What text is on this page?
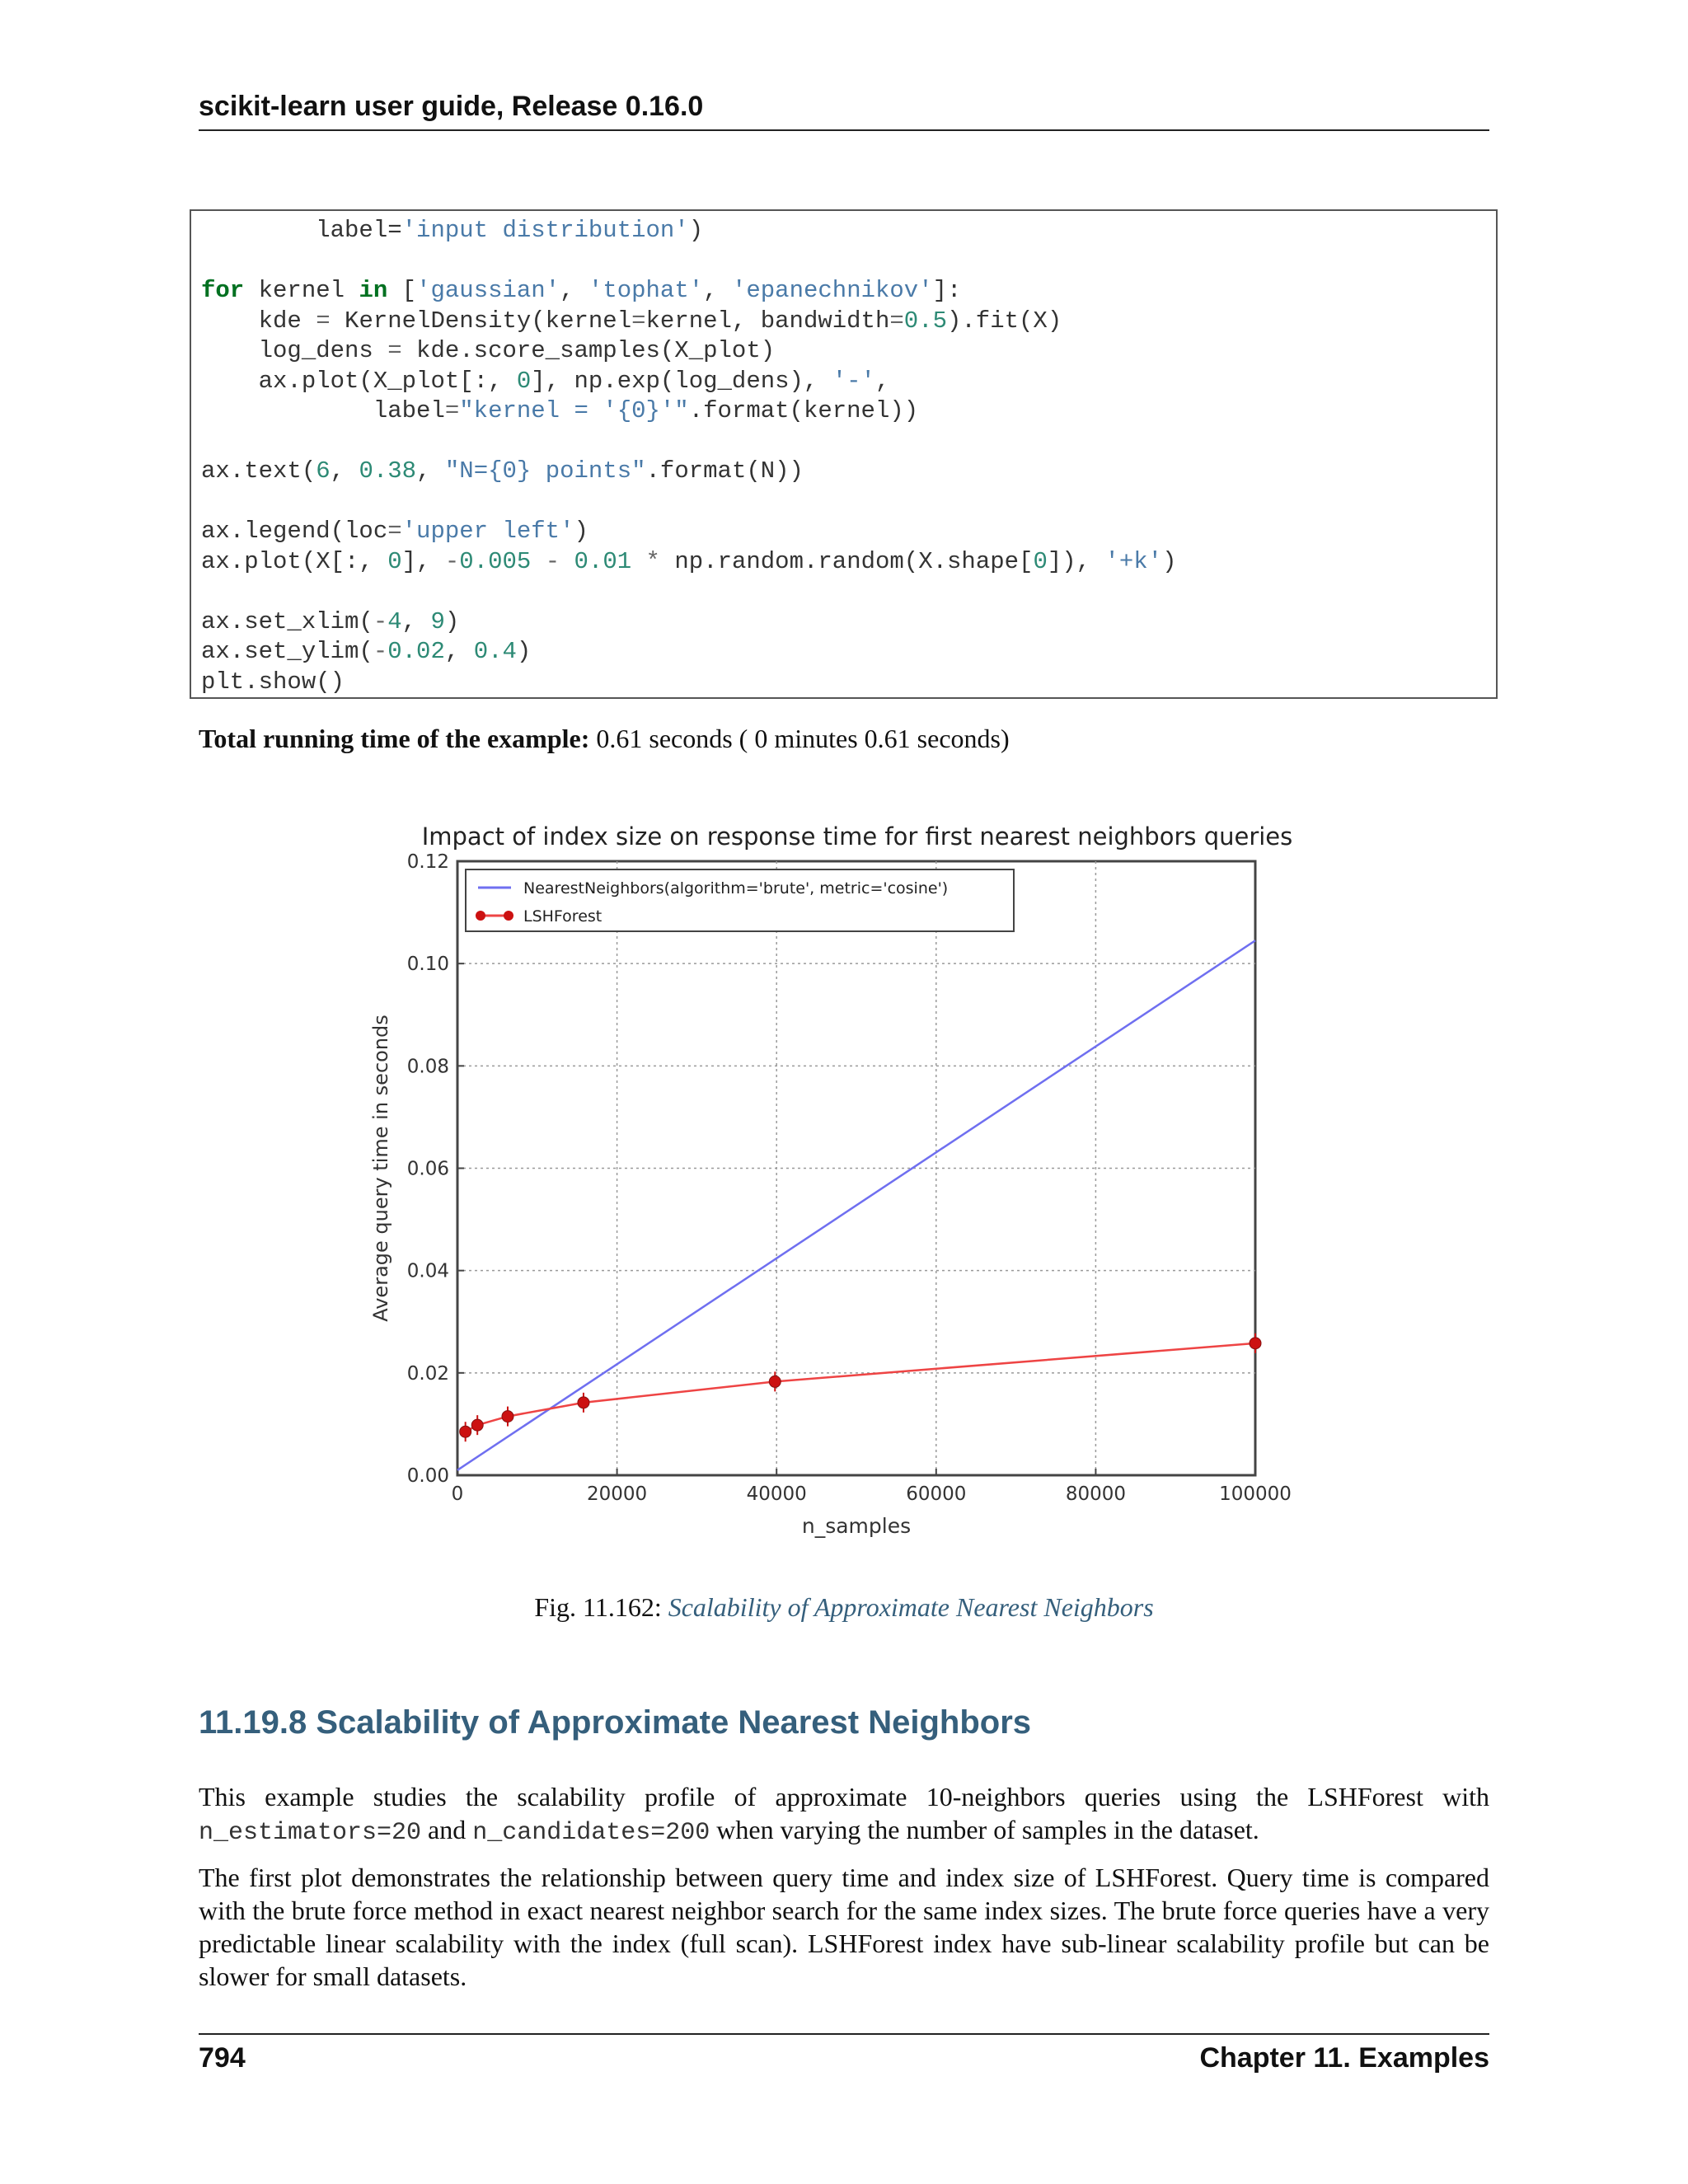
scikit-learn user guide, Release 0.16.0
label='input distribution')
for kernel in ['gaussian', 'tophat', 'epanechnikov']:
kde = KernelDensity(kernel=kernel, bandwidth=0.5).fit(X)
log_dens = kde.score_samples(X_plot)
ax.plot(X_plot[:, 0], np.exp(log_dens), '-',
label="kernel = '{0}'".format(kernel))
ax.text(6, 0.38, "N={0} points".format(N))
ax.legend(loc='upper left')
ax.plot(X[:, 0], -0.005 - 0.01 * np.random.random(X.shape[0]), '+k')
ax.set_xlim(-4, 9)
ax.set_ylim(-0.02, 0.4)
plt.show()
Total running time of the example: 0.61 seconds ( 0 minutes 0.61 seconds)
0	20000	40000	60000	80000	100000
0.00
0.02
0.04
0.06
0.08
0.10
0.12
Impact of index size on response time for first nearest neighbors queries
n_samples
Average query time in seconds
NearestNeighbors(algorithm='brute', metric='cosine')
LSHForest
Fig. 11.162: Scalability of Approximate Nearest Neighbors
11.19.8 Scalability of Approximate Nearest Neighbors
This example studies the scalability profile of approximate 10-neighbors queries using the LSHForest with n_estimators=20 and n_candidates=200 when varying the number of samples in the dataset.
The first plot demonstrates the relationship between query time and index size of LSHForest. Query time is compared with the brute force method in exact nearest neighbor search for the same index sizes. The brute force queries have a very predictable linear scalability with the index (full scan). LSHForest index have sub-linear scalability profile but can be slower for small datasets.
794	Chapter 11. Examples
